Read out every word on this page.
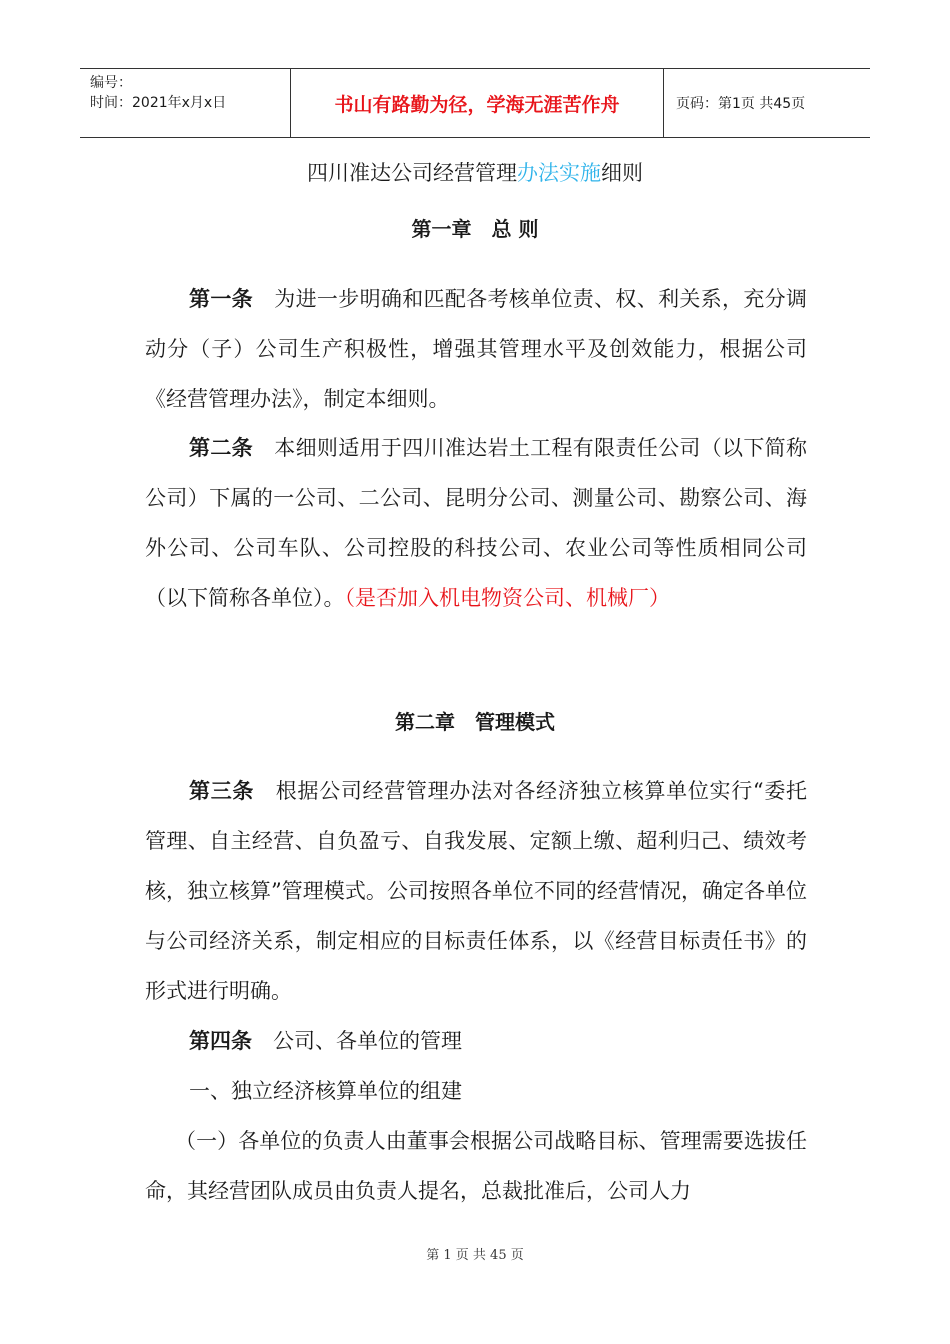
编号：
时间：2021年x月x日	书山有路勤为径，学海无涯苦作舟	页码：第1页 共45页
四川准达公司经营管理办法实施细则
第一章　总 则

第一条　为进一步明确和匹配各考核单位责、权、利关系，充分调动分（子）公司生产积极性，增强其管理水平及创效能力，根据公司《经营管理办法》，制定本细则。

第二条　本细则适用于四川准达岩土工程有限责任公司（以下简称公司）下属的一公司、二公司、昆明分公司、测量公司、勘察公司、海外公司、公司车队、公司控股的科技公司、农业公司等性质相同公司（以下简称各单位）。（是否加入机电物资公司、机械厂）

第二章　管理模式

第三条　根据公司经营管理办法对各经济独立核算单位实行“委托管理、自主经营、自负盈亏、自我发展、定额上缴、超利归己、绩效考核，独立核算”管理模式。公司按照各单位不同的经营情况，确定各单位与公司经济关系，制定相应的目标责任体系，以《经营目标责任书》的形式进行明确。

第四条　公司、各单位的管理

一、独立经济核算单位的组建

（一）各单位的负责人由董事会根据公司战略目标、管理需要选拔任命，其经营团队成员由负责人提名，总裁批准后，公司人力

第 1 页 共 45 页
